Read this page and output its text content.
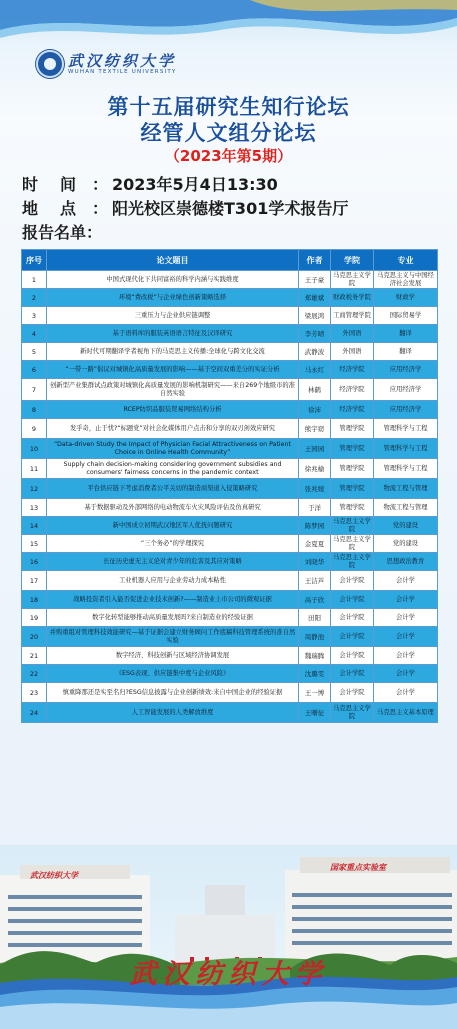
武汉纺织大学
WUHAN TEXTILE UNIVERSITY
第十五届研究生知行论坛
经管人文组分论坛
（2023年第5期）
时　间 ： 2023年5月4日13:30
地　点 ： 阳光校区崇德楼T301学术报告厅
报告名单：
序号	论文题目	作者	学院	专业
1	中国式现代化下共同富裕的科学内涵与实践维度	王子豪	马克思主义学院	马克思主义与中国经济社会发展
2	环境“费改税”与企业绿色创新策略选择	郑雄斌	财政税务学院	财政学
3	三重压力与企业供应链调整	梁展鸿	工商管理学院	国际贸易学
4	基于语料库的服装英语语言特征及汉译研究	李芳晴	外国语	翻译
5	新时代可期翻译学者视角下的马克思主义传播:全球化与跨文化交流	武静波	外国语	翻译
6	“一带一路”倡议对城镇化高质量发展的影响——基于空间双重差分的实证分析	马永红	经济学院	应用经济学
7	创新型产业集群试点政策对城镇化高质量发展的影响机制研究——来自269个地级市的准自然实验	林鹤	经济学院	应用经济学
8	RCEP纺织品服装贸易网络结构分析	徐沛	经济学院	应用经济学
9	发乎奇，止于忧?“标题党”对社会化媒体用户点击和分享的双刃剑效应研究	熊宇窈	管理学院	管理科学与工程
10	“Data-driven Study the Impact of Physician Facial Attractiveness on Patient Choice in Online Health Community”	王园园	管理学院	管理科学与工程
11	Supply chain decision-making considering government subsidies and consumers' fairness concerns in the pandemic context	徐兆榆	管理学院	管理科学与工程
12	平台供应链下考虑消费者公平关切的制造商渠道入侵策略研究	张兆媛	管理学院	物流工程与管理
13	基于数据驱动及外部网络的电动物流车火灾风险评估及仿真研究	于洋	管理学院	物流工程与管理
14	新中国成立初期武汉地区军人优抚问题研究	陈梦园	马克思主义学院	党的建设
15	“三个务必”的学理探究	金夏夏	马克思主义学院	党的建设
16	长征历史虚无主义论对青少年的危害及其应对策略	刘晓华	马克思主义学院	思想政治教育
17	工业机器人应用与企业劳动力成本粘性	王洁芦	会计学院	会计学
18	战略投资者引入能否促进企业技术创新?——制造业上市公司的微观证据	高子欣	会计学院	会计学
19	数字化转型能够推动高质量发展吗?来自制造业的经验证据	田阳	会计学院	会计学
20	并购重组对管理科技效能研究—基于证据会建立财务顾问工作底稿科技管理系统的准自然实验	周静池	会计学院	会计学
21	数字经济、科技创新与区域经济协调发展	魏瑞腾	会计学院	会计学
22	《ESG表现、供应链集中度与企业风险》	沈璐雯	会计学院	会计学
23	慎重降那还是实至名归?ESG信息披露与企业创新绩效:来自中国企业的经验证据	王一博	会计学院	会计学
24	人工智能发展的人类解放维度	王曙征	马克思主义学院	马克思主义基本原理
武汉纺织大学
国家重点实验室
武汉纺织大学
